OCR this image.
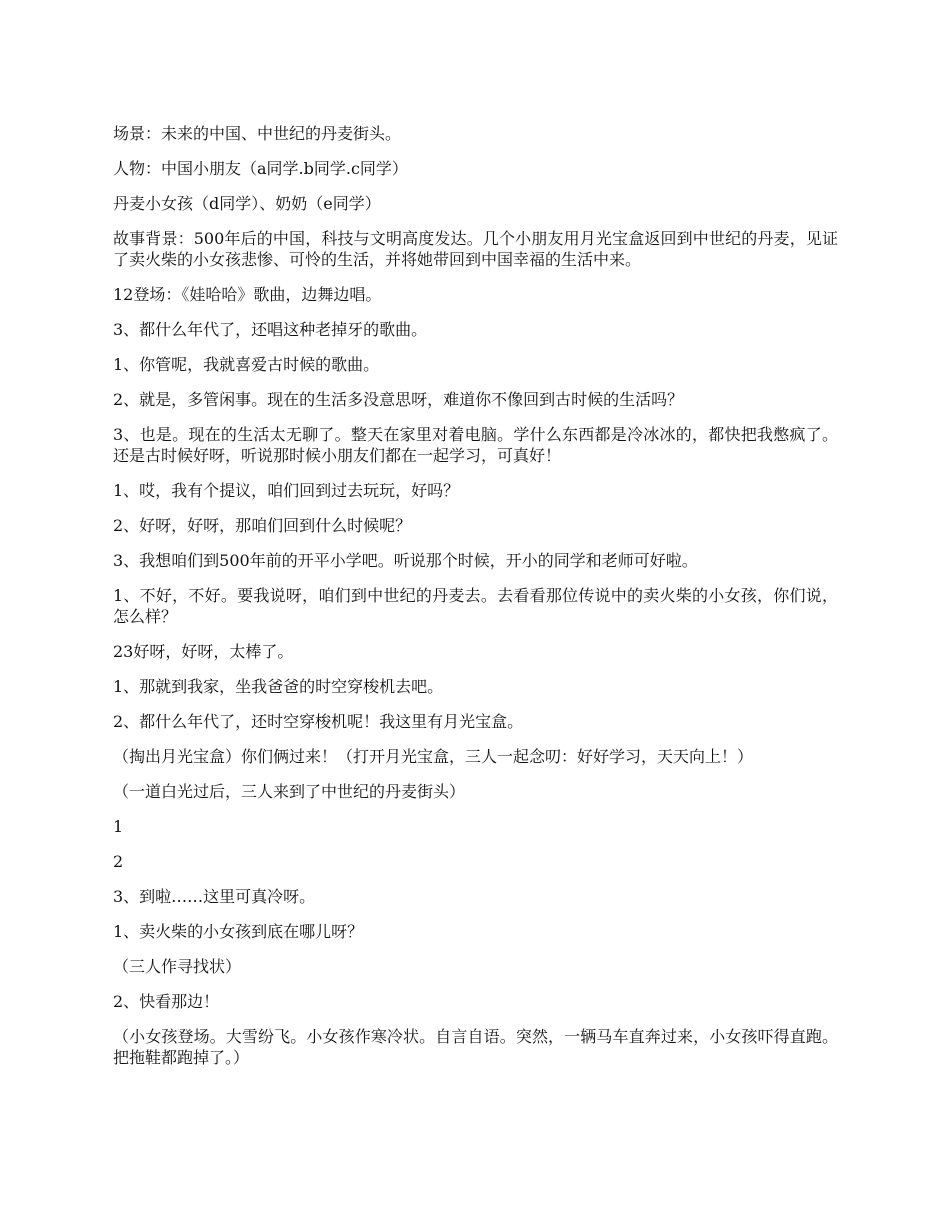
场景：未来的中国、中世纪的丹麦街头。

人物：中国小朋友（a同学.b同学.c同学）

丹麦小女孩（d同学）、奶奶（e同学）

故事背景：500年后的中国，科技与文明高度发达。几个小朋友用月光宝盒返回到中世纪的丹麦，见证了卖火柴的小女孩悲惨、可怜的生活，并将她带回到中国幸福的生活中来。

12登场：《娃哈哈》歌曲，边舞边唱。

3、都什么年代了，还唱这种老掉牙的歌曲。

1、你管呢，我就喜爱古时候的歌曲。

2、就是，多管闲事。现在的生活多没意思呀，难道你不像回到古时候的生活吗？

3、也是。现在的生活太无聊了。整天在家里对着电脑。学什么东西都是冷冰冰的，都快把我憋疯了。还是古时候好呀，听说那时候小朋友们都在一起学习，可真好！

1、哎，我有个提议，咱们回到过去玩玩，好吗？

2、好呀，好呀，那咱们回到什么时候呢？

3、我想咱们到500年前的开平小学吧。听说那个时候，开小的同学和老师可好啦。

1、不好，不好。要我说呀，咱们到中世纪的丹麦去。去看看那位传说中的卖火柴的小女孩，你们说，怎么样？

23好呀，好呀，太棒了。

1、那就到我家，坐我爸爸的时空穿梭机去吧。

2、都什么年代了，还时空穿梭机呢！我这里有月光宝盒。

（掏出月光宝盒）你们俩过来！（打开月光宝盒，三人一起念叨：好好学习，天天向上！）

（一道白光过后，三人来到了中世纪的丹麦街头）

1

2

3、到啦……这里可真冷呀。

1、卖火柴的小女孩到底在哪儿呀？

（三人作寻找状）

2、快看那边！

（小女孩登场。大雪纷飞。小女孩作寒冷状。自言自语。突然，一辆马车直奔过来，小女孩吓得直跑。把拖鞋都跑掉了。）
